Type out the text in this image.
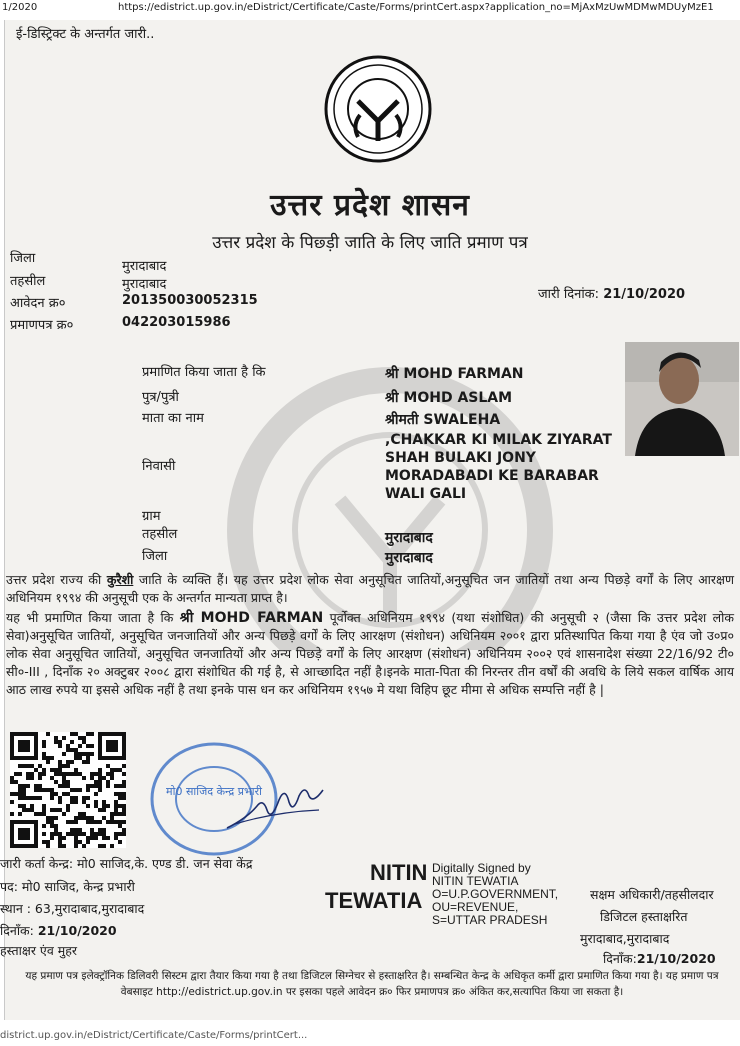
1/2020	https://edistrict.up.gov.in/eDistrict/Certificate/Caste/Forms/printCert.aspx?application_no=MjAxMzUwMDMwMDUyMzE1
ई-डिस्ट्रिक्ट के अन्तर्गत जारी..
उत्तर प्रदेश शासन
उत्तर प्रदेश के पिछ्ड़ी जाति के लिए जाति प्रमाण पत्र
जिला
मुरादाबाद
तहसील	मुरादाबाद
आवेदन क्र०	201350030052315
प्रमाणपत्र क्र०	042203015986
जारी दिनांक: 21/10/2020
प्रमाणित किया जाता है कि	श्री MOHD FARMAN
पुत्र/पुत्री	श्री MOHD ASLAM
माता का नाम	श्रीमती SWALEHA
निवासी
,CHAKKAR KI MILAK ZIYARAT
SHAH BULAKI JONY
MORADABADI KE BARABAR
WALI GALI
ग्राम
तहसील	मुरादाबाद
जिला	मुरादाबाद
उत्तर प्रदेश राज्य की कुरैशी जाति के व्यक्ति हैं। यह उत्तर प्रदेश लोक सेवा अनुसूचित जातियों,अनुसूचित जन जातियों तथा अन्य पिछड़े वर्गों के लिए आरक्षण अधिनियम १९९४ की अनुसूची एक के अन्तर्गत मान्यता प्राप्त है।
यह भी प्रमाणित किया जाता है कि श्री MOHD FARMAN पूर्वोक्त अधिनियम १९९४ (यथा संशोधित) की अनुसूची २ (जैसा कि उत्तर प्रदेश लोक सेवा)अनुसूचित जातियों, अनुसूचित जनजातियों और अन्य पिछड़े वर्गों के लिए आरक्षण (संशोधन) अधिनियम २००१ द्वारा प्रतिस्थापित किया गया है एंव जो उ०प्र० लोक सेवा अनुसूचित जातियों, अनुसूचित जनजातियों और अन्य पिछड़े वर्गों के लिए आरक्षण (संशोधन) अधिनियम २००२ एवं शासनादेश संख्या 22/16/92 टी० सी०-III , दिनाँक २० अक्टुबर २००८ द्वारा संशोधित की गई है, से आच्छादित नहीं है।इनके माता-पिता की निरन्तर तीन वर्षों की अवधि के लिये सकल वार्षिक आय आठ लाख रुपये या इससे अधिक नहीं है तथा इनके पास धन कर अधिनियम १९५७ मे यथा विहिप छूट मीमा से अधिक सम्पत्ति नहीं है |
मो0 साजिद केन्द्र प्रभारी
जारी कर्ता केन्द्र: मो0 साजिद,के. एण्ड डी. जन सेवा केंद्र
पद: मो0 साजिद, केन्द्र प्रभारी
स्थान : 63,मुरादाबाद,मुरादाबाद
दिनाँक: 21/10/2020
हस्ताक्षर एंव मुहर
NITIN
TEWATIA
Digitally Signed by
NITIN TEWATIA
O=U.P.GOVERNMENT,
OU=REVENUE,
S=UTTAR PRADESH
सक्षम अधिकारी/तहसीलदार
डिजिटल हस्ताक्षरित
मुरादाबाद,मुरादाबाद
दिनाँक:21/10/2020
यह प्रमाण पत्र इलेक्ट्रॉनिक डिलिवरी सिस्टम द्वारा तैयार किया गया है तथा डिजिटल सिग्नेचर से हस्ताक्षरित है। सम्बन्धित केन्द्र के अधिकृत कर्मी द्वारा प्रमाणित किया गया है। यह प्रमाण पत्र वेबसाइट http://edistrict.up.gov.in पर इसका पहले आवेदन क्र० फिर प्रमाणपत्र क्र० अंकित कर,सत्यापित किया जा सकता है।
district.up.gov.in/eDistrict/Certificate/Caste/Forms/printCert...
